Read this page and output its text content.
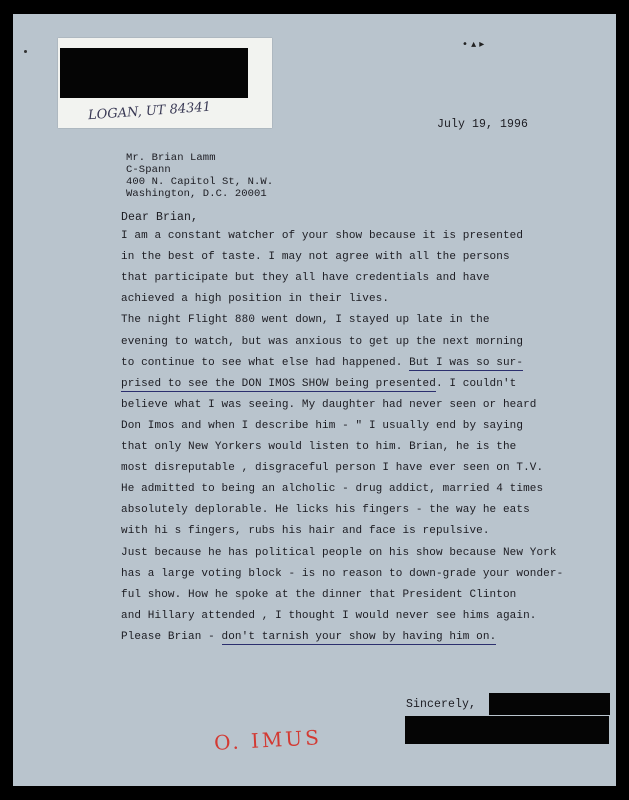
LOGAN, UT 84341
• ▴ ▸
July 19, 1996
Mr. Brian Lamm
C-Spann
400 N. Capitol St, N.W.
Washington, D.C. 20001
Dear Brian,
I am a constant watcher of your show because it is presented
in the best of taste. I may not agree with all the persons
that participate but they all have credentials and have
achieved a high position in their lives.
The night Flight 880 went down, I stayed up late in the
evening to watch, but was anxious to get up the next morning
to continue to see what else had happened. But I was so sur-
prised to see the DON IMOS SHOW being presented. I couldn't
believe what I was seeing. My daughter had never seen or heard
Don Imos and when I describe him - " I usually end by saying
that only New Yorkers would listen to him. Brian, he is the
most disreputable , disgraceful person I have ever seen on T.V.
He admitted to being an alcholic - drug addict, married 4 times
absolutely deplorable. He licks his fingers - the way he eats
with hi s fingers, rubs his hair and face is repulsive.
Just because he has political people on his show because New York
has a large voting block - is no reason to down-grade your wonder-
ful show. How he spoke at the dinner that President Clinton
and Hillary attended , I thought I would never see hims again.
Please Brian - don't tarnish your show by having him on.
Sincerely,
O. IMUS
